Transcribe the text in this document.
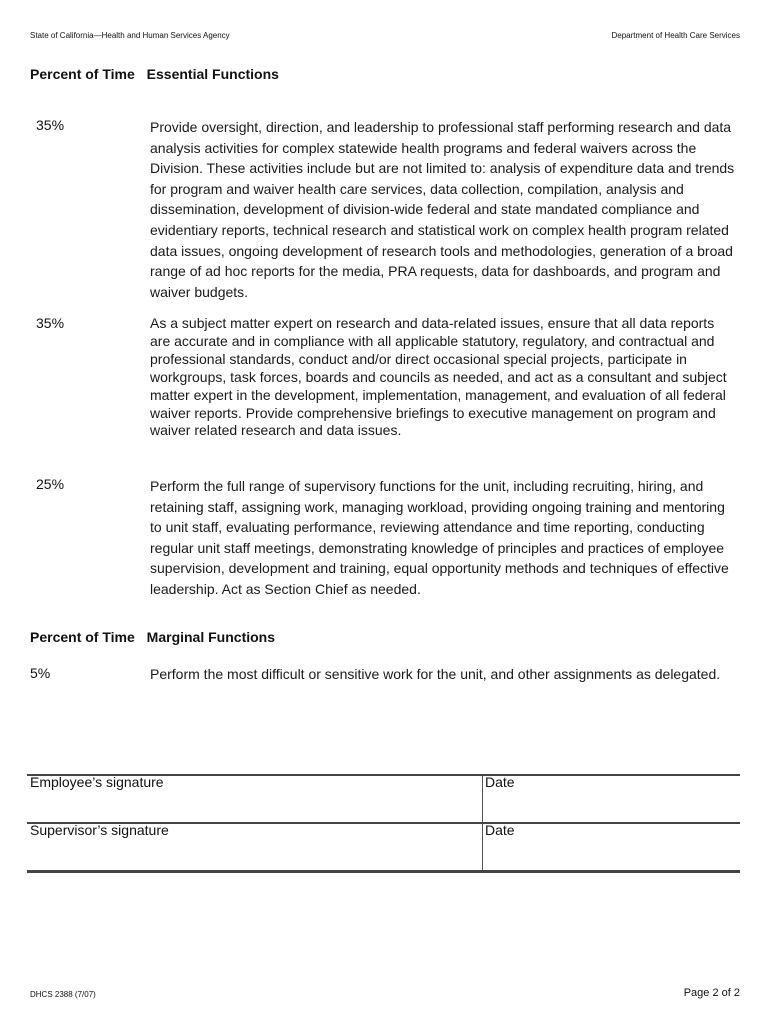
State of California—Health and Human Services Agency	Department of Health Care Services
Percent of Time Essential Functions
35%	Provide oversight, direction, and leadership to professional staff performing research and data analysis activities for complex statewide health programs and federal waivers across the Division. These activities include but are not limited to: analysis of expenditure data and trends for program and waiver health care services, data collection, compilation, analysis and dissemination, development of division-wide federal and state mandated compliance and evidentiary reports, technical research and statistical work on complex health program related data issues, ongoing development of research tools and methodologies, generation of a broad range of ad hoc reports for the media, PRA requests, data for dashboards, and program and waiver budgets.
35%	As a subject matter expert on research and data-related issues, ensure that all data reports are accurate and in compliance with all applicable statutory, regulatory, and contractual and professional standards, conduct and/or direct occasional special projects, participate in workgroups, task forces, boards and councils as needed, and act as a consultant and subject matter expert in the development, implementation, management, and evaluation of all federal waiver reports. Provide comprehensive briefings to executive management on program and waiver related research and data issues.
25%	Perform the full range of supervisory functions for the unit, including recruiting, hiring, and retaining staff, assigning work, managing workload, providing ongoing training and mentoring to unit staff, evaluating performance, reviewing attendance and time reporting, conducting regular unit staff meetings, demonstrating knowledge of principles and practices of employee supervision, development and training, equal opportunity methods and techniques of effective leadership. Act as Section Chief as needed.
Percent of Time Marginal Functions
5%	Perform the most difficult or sensitive work for the unit, and other assignments as delegated.
Employee’s signature	Date
Supervisor’s signature	Date
DHCS 2388 (7/07)	Page 2 of 2
